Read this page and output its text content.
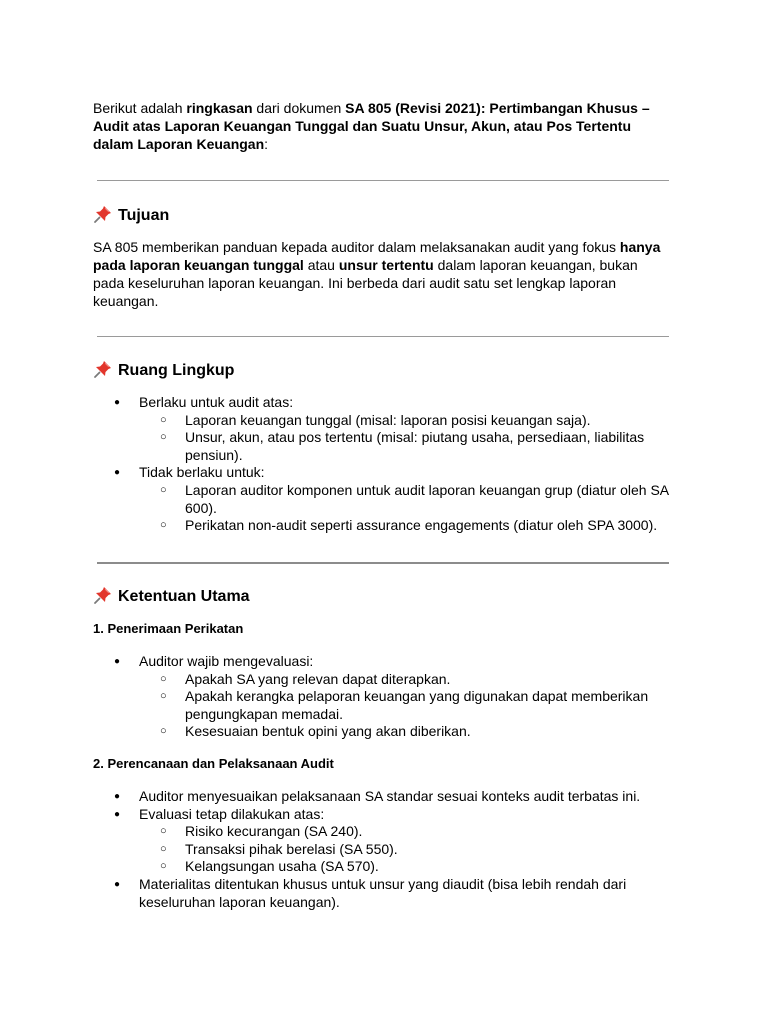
Berikut adalah ringkasan dari dokumen SA 805 (Revisi 2021): Pertimbangan Khusus – Audit atas Laporan Keuangan Tunggal dan Suatu Unsur, Akun, atau Pos Tertentu dalam Laporan Keuangan:

Tujuan

SA 805 memberikan panduan kepada auditor dalam melaksanakan audit yang fokus hanya pada laporan keuangan tunggal atau unsur tertentu dalam laporan keuangan, bukan pada keseluruhan laporan keuangan. Ini berbeda dari audit satu set lengkap laporan keuangan.

Ruang Lingkup
● Berlaku untuk audit atas:
○ Laporan keuangan tunggal (misal: laporan posisi keuangan saja).
○ Unsur, akun, atau pos tertentu (misal: piutang usaha, persediaan, liabilitas pensiun).
● Tidak berlaku untuk:
○ Laporan auditor komponen untuk audit laporan keuangan grup (diatur oleh SA 600).
○ Perikatan non-audit seperti assurance engagements (diatur oleh SPA 3000).
Ketentuan Utama
1. Penerimaan Perikatan
● Auditor wajib mengevaluasi:
○ Apakah SA yang relevan dapat diterapkan.
○ Apakah kerangka pelaporan keuangan yang digunakan dapat memberikan pengungkapan memadai.
○ Kesesuaian bentuk opini yang akan diberikan.
2. Perencanaan dan Pelaksanaan Audit
● Auditor menyesuaikan pelaksanaan SA standar sesuai konteks audit terbatas ini.
● Evaluasi tetap dilakukan atas:
○ Risiko kecurangan (SA 240).
○ Transaksi pihak berelasi (SA 550).
○ Kelangsungan usaha (SA 570).
● Materialitas ditentukan khusus untuk unsur yang diaudit (bisa lebih rendah dari keseluruhan laporan keuangan).
